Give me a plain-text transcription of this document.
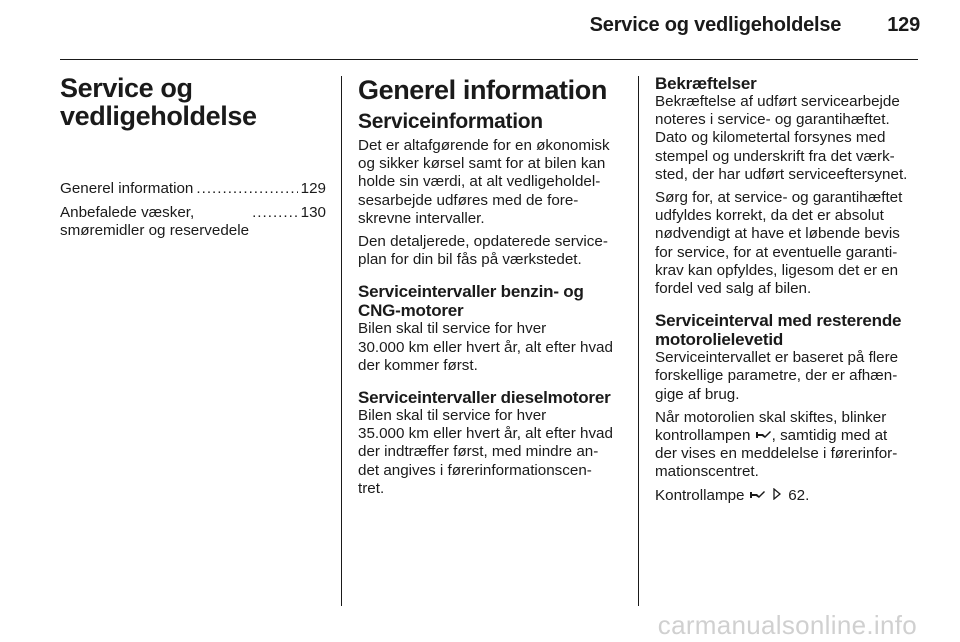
Service og vedligeholdelse 129
Service og
vedligeholdelse
Generel information
.....	129
Anbefalede væsker,
smøremidler og reservedele
.....
130
Generel information
Serviceinformation

Det er altafgørende for en økonomisk
og sikker kørsel samt for at bilen kan
holde sin værdi, at alt vedligeholdel-
sesarbejde udføres med de fore-
skrevne intervaller.

Den detaljerede, opdaterede service-
plan for din bil fås på værkstedet.

Serviceintervaller benzin- og
CNG-motorer

Bilen skal til service for hver
30.000 km eller hvert år, alt efter hvad
der kommer først.

Serviceintervaller dieselmotorer

Bilen skal til service for hver
35.000 km eller hvert år, alt efter hvad
der indtræffer først, med mindre an-
det angives i førerinformationscen-
tret.

Bekræftelser

Bekræftelse af udført servicearbejde
noteres i service- og garantihæftet.
Dato og kilometertal forsynes med
stempel og underskrift fra det værk-
sted, der har udført serviceeftersynet.

Sørg for, at service- og garantihæftet
udfyldes korrekt, da det er absolut
nødvendigt at have et løbende bevis
for service, for at eventuelle garanti-
krav kan opfyldes, ligesom det er en
fordel ved salg af bilen.

Serviceinterval med resterende
motorolielevetid

Serviceintervallet er baseret på flere
forskellige parametre, der er afhæn-
gige af brug.

Når motorolien skal skiftes, blinker
kontrollampen , samtidig med at
der vises en meddelelse i førerinfor-
mationscentret.

Kontrollampe	62.

carmanualsonline.info
